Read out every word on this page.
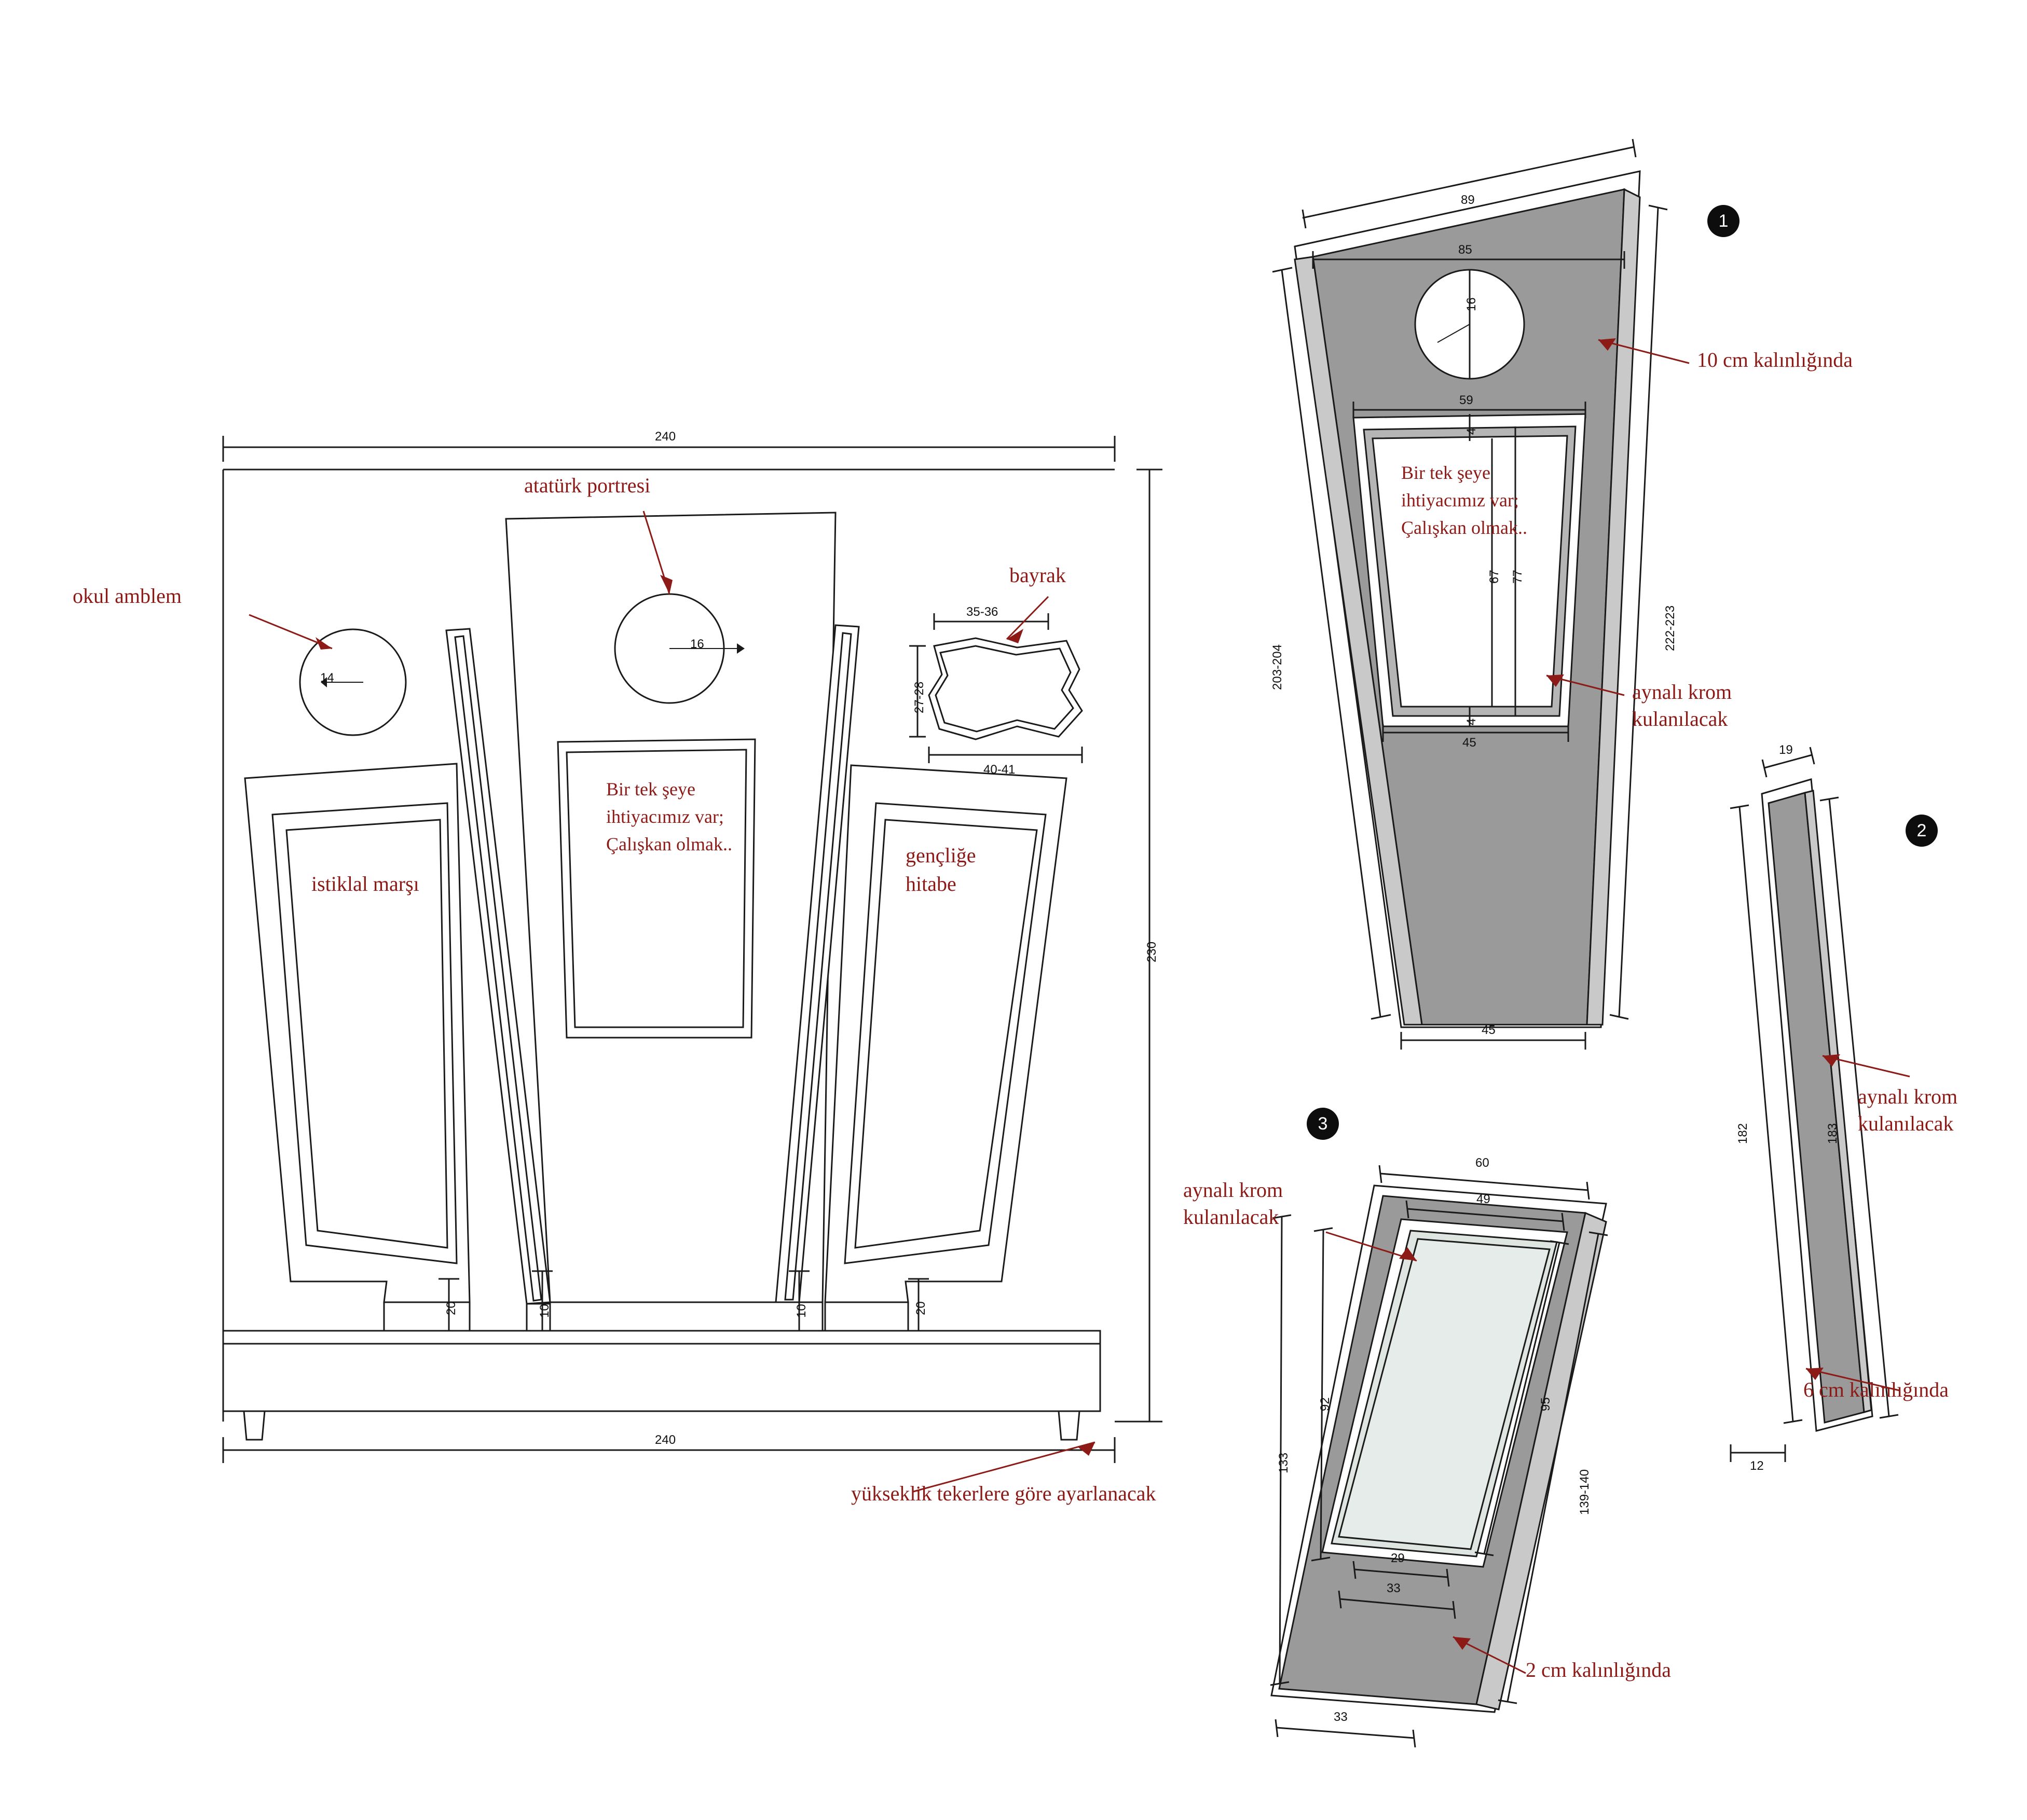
okul amblem
atatürk portresi
bayrak
istiklal marşı
gençliğe
hitabe
yükseklik tekerlere göre ayarlanacak
Bir tek şeye
ihtiyacımız var;
Çalışkan olmak..
240
240
230
14
16
35-36
27-28
40-41
20	10	10	20
1
10 cm kalınlığında
aynalı krom
kulanılacak
Bir tek şeye
ihtiyacımız var;
Çalışkan olmak..
89
85
16
59
4
67 77
4
45
203-204
222-223
45
2
aynalı krom
kulanılacak
6 cm kalınlığında
19
182	183
12
3
aynalı krom
kulanılacak
2 cm kalınlığında
60
49
133
92	95
139-140
29
33
33
